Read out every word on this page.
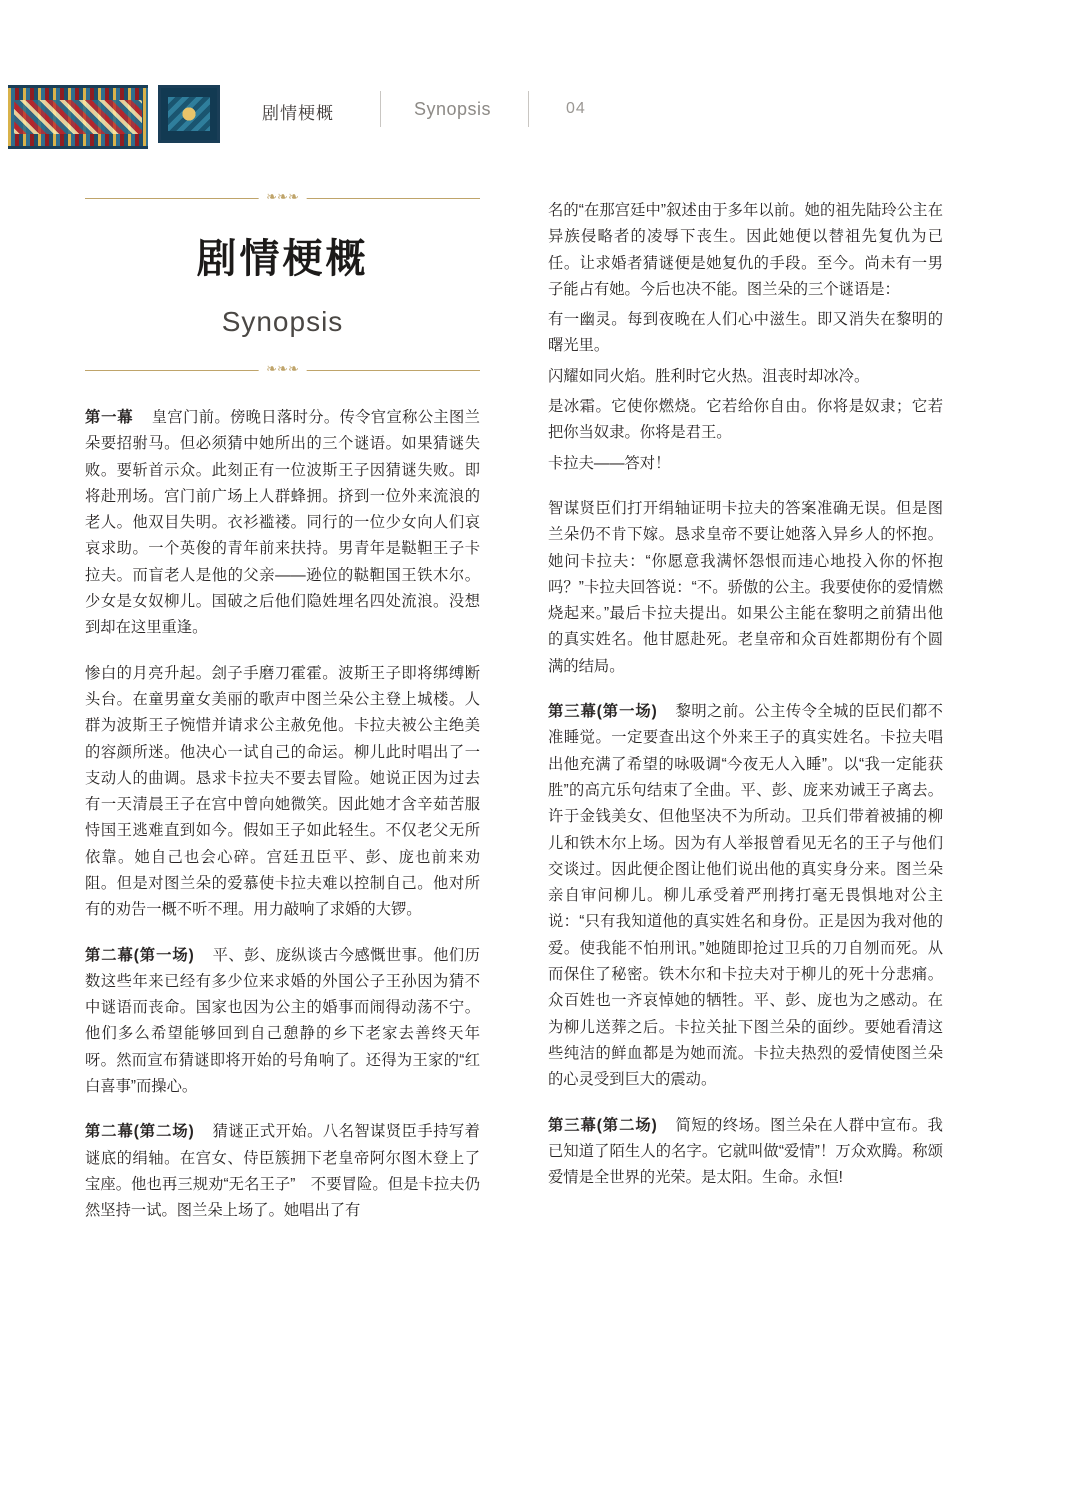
剧情梗概	Synopsis	04
❧❧❧
剧情梗概
Synopsis
❧❧❧

第一幕 皇宫门前。傍晚日落时分。传令官宣称公主图兰朵要招驸马。但必须猜中她所出的三个谜语。如果猜谜失败。要斩首示众。此刻正有一位波斯王子因猜谜失败。即将赴刑场。宫门前广场上人群蜂拥。挤到一位外来流浪的老人。他双目失明。衣衫褴褛。同行的一位少女向人们哀哀求助。一个英俊的青年前来扶持。男青年是鞑靼王子卡拉夫。而盲老人是他的父亲——逊位的鞑靼国王铁木尔。少女是女奴柳儿。国破之后他们隐姓埋名四处流浪。没想到却在这里重逢。

惨白的月亮升起。刽子手磨刀霍霍。波斯王子即将绑缚断头台。在童男童女美丽的歌声中图兰朵公主登上城楼。人群为波斯王子惋惜并请求公主赦免他。卡拉夫被公主绝美的容颜所迷。他决心一试自己的命运。柳儿此时唱出了一支动人的曲调。恳求卡拉夫不要去冒险。她说正因为过去有一天清晨王子在宫中曾向她微笑。因此她才含辛茹苦服恃国王逃难直到如今。假如王子如此轻生。不仅老父无所依靠。她自己也会心碎。宫廷丑臣平、彭、庞也前来劝阻。但是对图兰朵的爱慕使卡拉夫难以控制自己。他对所有的劝告一概不听不理。用力敲响了求婚的大锣。

第二幕(第一场) 平、彭、庞纵谈古今感慨世事。他们历数这些年来已经有多少位来求婚的外国公子王孙因为猜不中谜语而丧命。国家也因为公主的婚事而闹得动荡不宁。他们多么希望能够回到自己憩静的乡下老家去善终天年呀。然而宣布猜谜即将开始的号角响了。还得为王家的“红白喜事”而操心。

第二幕(第二场) 猜谜正式开始。八名智谋贤臣手持写着谜底的绢轴。在宫女、侍臣簇拥下老皇帝阿尔图木登上了宝座。他也再三规劝“无名王子”　不要冒险。但是卡拉夫仍然坚持一试。图兰朵上场了。她唱出了有

名的“在那宫廷中”叙述由于多年以前。她的祖先陆玲公主在异族侵略者的凌辱下丧生。因此她便以替祖先复仇为已任。让求婚者猜谜便是她复仇的手段。至今。尚未有一男子能占有她。今后也决不能。图兰朵的三个谜语是：

有一幽灵。每到夜晚在人们心中滋生。即又消失在黎明的曙光里。

闪耀如同火焰。胜利时它火热。沮丧时却冰冷。

是冰霜。它使你燃烧。它若给你自由。你将是奴隶；它若把你当奴隶。你将是君王。

卡拉夫——答对！

智谋贤臣们打开绢轴证明卡拉夫的答案准确无误。但是图兰朵仍不肯下嫁。恳求皇帝不要让她落入异乡人的怀抱。她问卡拉夫：“你愿意我满怀怨恨而违心地投入你的怀抱吗？”卡拉夫回答说：“不。骄傲的公主。我要使你的爱情燃烧起来。”最后卡拉夫提出。如果公主能在黎明之前猜出他的真实姓名。他甘愿赴死。老皇帝和众百姓都期份有个圆满的结局。

第三幕(第一场) 黎明之前。公主传令全城的臣民们都不准睡觉。一定要查出这个外来王子的真实姓名。卡拉夫唱出他充满了希望的咏吸调“今夜无人入睡”。以“我一定能获胜”的高亢乐句结束了全曲。平、彭、庞来劝诫王子离去。许于金钱美女、但他坚决不为所动。卫兵们带着被捕的柳儿和铁木尔上场。因为有人举报曾看见无名的王子与他们交谈过。因此便企图让他们说出他的真实身分来。图兰朵亲自审问柳儿。柳儿承受着严刑拷打毫无畏惧地对公主说：“只有我知道他的真实姓名和身份。正是因为我对他的爱。使我能不怕刑讯。”她随即抢过卫兵的刀自刎而死。从而保住了秘密。铁木尔和卡拉夫对于柳儿的死十分悲痛。众百姓也一齐哀悼她的牺牲。平、彭、庞也为之感动。在为柳儿送葬之后。卡拉关扯下图兰朵的面纱。要她看清这些纯洁的鲜血都是为她而流。卡拉夫热烈的爱情使图兰朵的心灵受到巨大的震动。

第三幕(第二场) 简短的终场。图兰朵在人群中宣布。我已知道了陌生人的名字。它就叫做“爱情”！万众欢腾。称颂爱情是全世界的光荣。是太阳。生命。永恒!
